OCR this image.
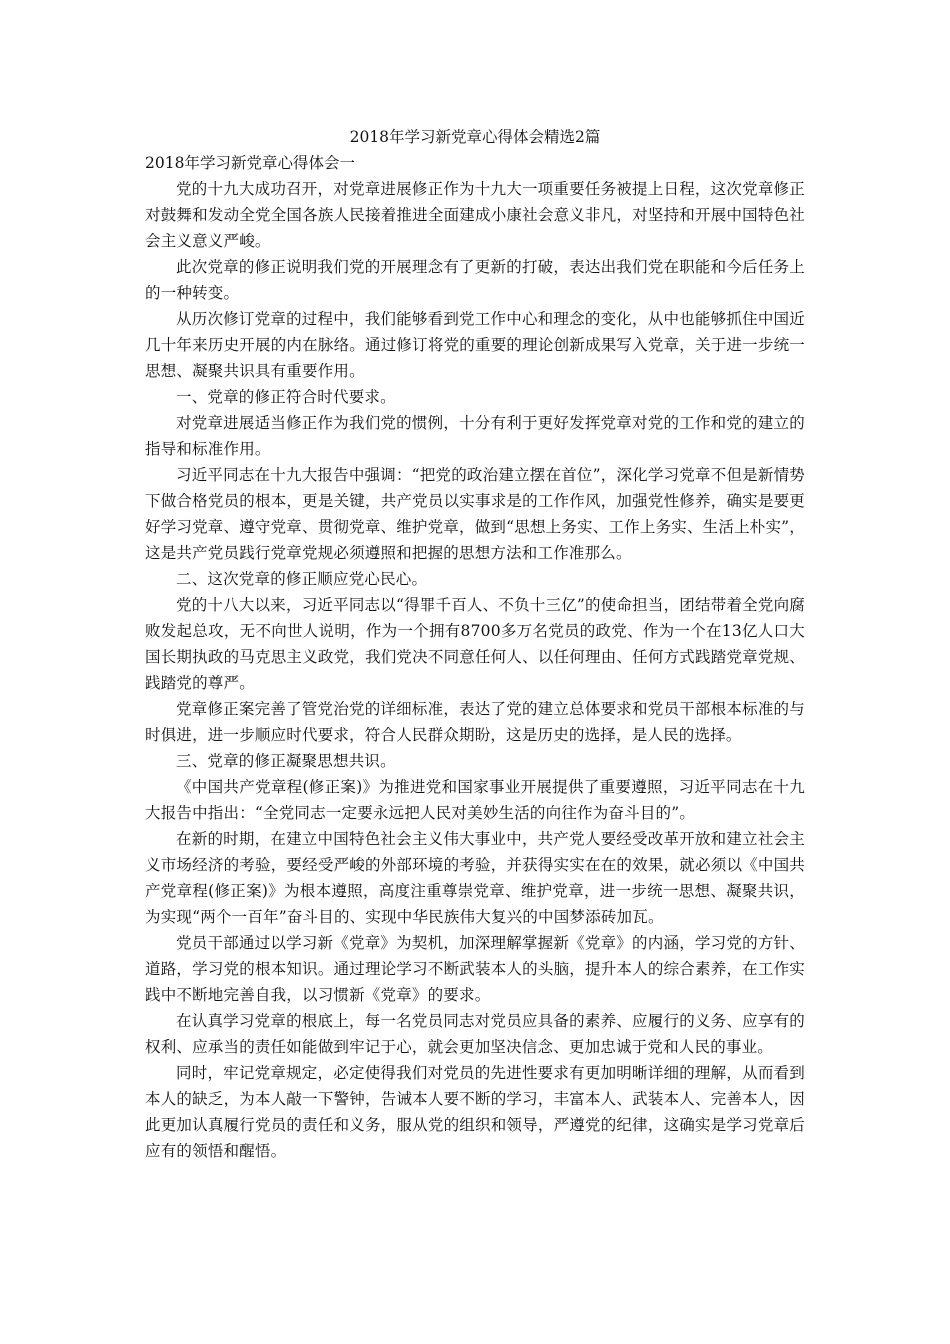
2018年学习新党章心得体会精选2篇
2018年学习新党章心得体会一

党的十九大成功召开，对党章进展修正作为十九大一项重要任务被提上日程，这次党章修正对鼓舞和发动全党全国各族人民接着推进全面建成小康社会意义非凡，对坚持和开展中国特色社会主义意义严峻。

此次党章的修正说明我们党的开展理念有了更新的打破，表达出我们党在职能和今后任务上的一种转变。

从历次修订党章的过程中，我们能够看到党工作中心和理念的变化，从中也能够抓住中国近几十年来历史开展的内在脉络。通过修订将党的重要的理论创新成果写入党章，关于进一步统一思想、凝聚共识具有重要作用。

一、党章的修正符合时代要求。

对党章进展适当修正作为我们党的惯例，十分有利于更好发挥党章对党的工作和党的建立的指导和标准作用。

习近平同志在十九大报告中强调：“把党的政治建立摆在首位”，深化学习党章不但是新情势下做合格党员的根本，更是关键，共产党员以实事求是的工作作风，加强党性修养，确实是要更好学习党章、遵守党章、贯彻党章、维护党章，做到“思想上务实、工作上务实、生活上朴实”，这是共产党员践行党章党规必须遵照和把握的思想方法和工作准那么。

二、这次党章的修正顺应党心民心。

党的十八大以来，习近平同志以“得罪千百人、不负十三亿”的使命担当，团结带着全党向腐败发起总攻，无不向世人说明，作为一个拥有8700多万名党员的政党、作为一个在13亿人口大国长期执政的马克思主义政党，我们党决不同意任何人、以任何理由、任何方式践踏党章党规、践踏党的尊严。

党章修正案完善了管党治党的详细标准，表达了党的建立总体要求和党员干部根本标准的与时俱进，进一步顺应时代要求，符合人民群众期盼，这是历史的选择，是人民的选择。

三、党章的修正凝聚思想共识。

《中国共产党章程(修正案)》为推进党和国家事业开展提供了重要遵照，习近平同志在十九大报告中指出：“全党同志一定要永远把人民对美妙生活的向往作为奋斗目的”。

在新的时期，在建立中国特色社会主义伟大事业中，共产党人要经受改革开放和建立社会主义市场经济的考验，要经受严峻的外部环境的考验，并获得实实在在的效果，就必须以《中国共产党章程(修正案)》为根本遵照，高度注重尊崇党章、维护党章，进一步统一思想、凝聚共识，为实现“两个一百年”奋斗目的、实现中华民族伟大复兴的中国梦添砖加瓦。

党员干部通过以学习新《党章》为契机，加深理解掌握新《党章》的内涵，学习党的方针、道路，学习党的根本知识。通过理论学习不断武装本人的头脑，提升本人的综合素养，在工作实践中不断地完善自我，以习惯新《党章》的要求。

在认真学习党章的根底上，每一名党员同志对党员应具备的素养、应履行的义务、应享有的权利、应承当的责任如能做到牢记于心，就会更加坚决信念、更加忠诚于党和人民的事业。

同时，牢记党章规定，必定使得我们对党员的先进性要求有更加明晰详细的理解，从而看到本人的缺乏，为本人敲一下警钟，告诫本人要不断的学习，丰富本人、武装本人、完善本人，因此更加认真履行党员的责任和义务，服从党的组织和领导，严遵党的纪律，这确实是学习党章后应有的领悟和醒悟。
